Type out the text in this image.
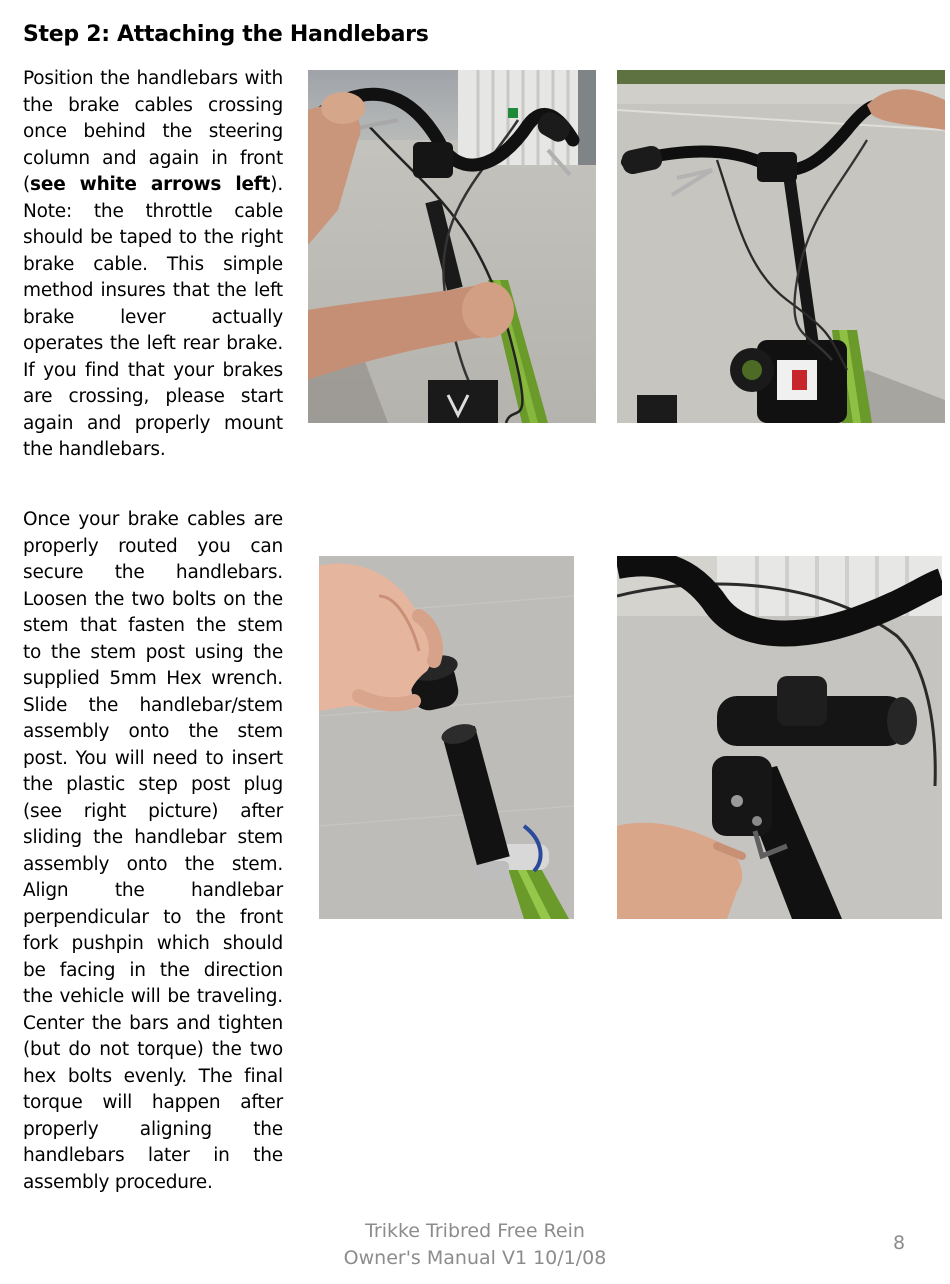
Step 2: Attaching the Handlebars

Position the handlebars with the brake cables crossing once behind the steering column and again in front (see white arrows left). Note: the throttle cable should be taped to the right brake cable. This simple method insures that the left brake lever actually operates the left rear brake. If you find that your brakes are crossing, please start again and properly mount the handlebars.

Once your brake cables are properly routed you can secure the handlebars. Loosen the two bolts on the stem that fasten the stem to the stem post using the supplied 5mm Hex wrench. Slide the handlebar/stem assembly onto the stem post. You will need to insert the plastic step post plug (see right picture) after sliding the handlebar stem assembly onto the stem. Align the handlebar perpendicular to the front fork pushpin which should be facing in the direction the vehicle will be traveling. Center the bars and tighten (but do not torque) the two hex bolts evenly. The final torque will happen after properly aligning the handlebars later in the assembly procedure.

Trikke Tribred Free Rein
Owner's Manual V1 10/1/08
8
